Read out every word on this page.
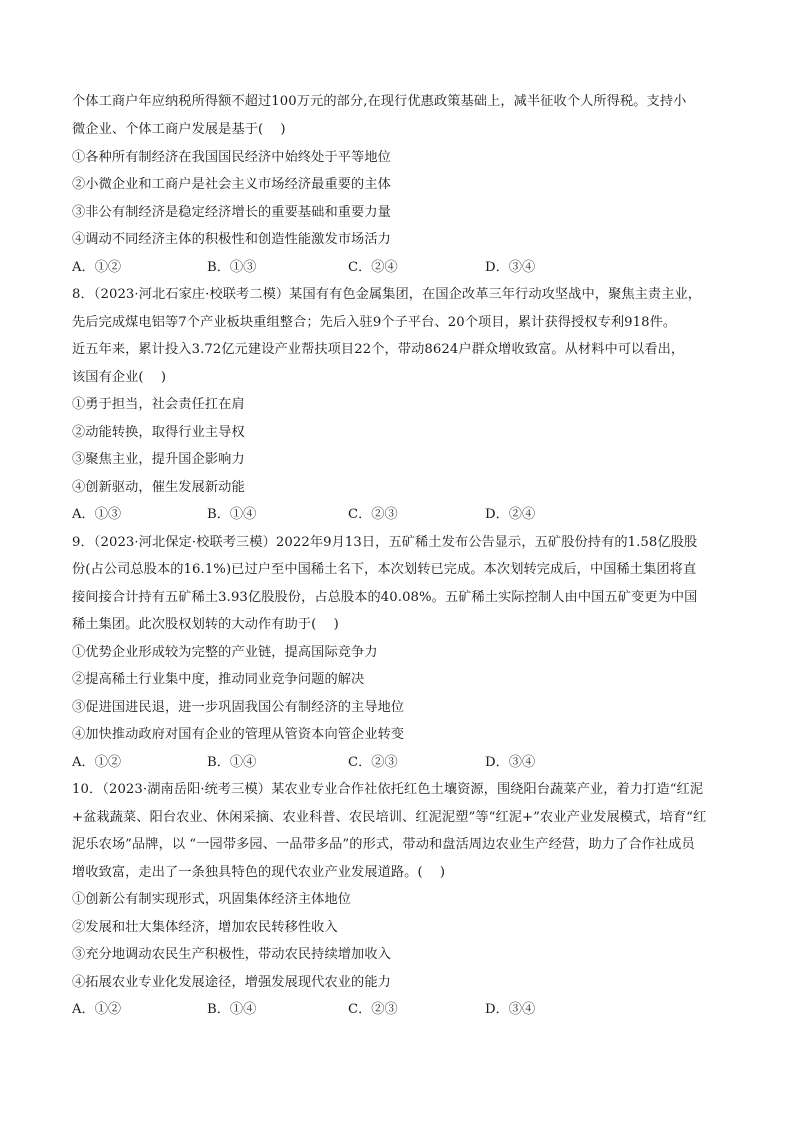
个体工商户年应纳税所得额不超过100万元的部分,在现行优惠政策基础上，减半征收个人所得税。支持小
微企业、个体工商户发展是基于(    )
①各种所有制经济在我国国民经济中始终处于平等地位
②小微企业和工商户是社会主义市场经济最重要的主体
③非公有制经济是稳定经济增长的重要基础和重要力量
④调动不同经济主体的积极性和创造性能激发市场活力
A．①②	B．①③	C．②④	D．③④
8．（2023·河北石家庄·校联考二模）某国有有色金属集团，在国企改革三年行动攻坚战中，聚焦主责主业，
先后完成煤电铝等7个产业板块重组整合；先后入驻9个子平台、20个项目，累计获得授权专利918件。
近五年来，累计投入3.72亿元建设产业帮扶项目22个，带动8624户群众增收致富。从材料中可以看出，
该国有企业(    )
①勇于担当，社会责任扛在肩
②动能转换，取得行业主导权
③聚焦主业，提升国企影响力
④创新驱动，催生发展新动能
A．①③	B．①④	C．②③	D．②④
9．（2023·河北保定·校联考三模）2022年9月13日，五矿稀土发布公告显示，五矿股份持有的1.58亿股股
份(占公司总股本的16.1%)已过户至中国稀土名下，本次划转已完成。本次划转完成后，中国稀土集团将直
接间接合计持有五矿稀土3.93亿股股份，占总股本的40.08%。五矿稀土实际控制人由中国五矿变更为中国
稀土集团。此次股权划转的大动作有助于(    )
①优势企业形成较为完整的产业链，提高国际竞争力
②提高稀土行业集中度，推动同业竞争问题的解决
③促进国进民退，进一步巩固我国公有制经济的主导地位
④加快推动政府对国有企业的管理从管资本向管企业转变
A．①②	B．①④	C．②③	D．③④
10．（2023·湖南岳阳·统考三模）某农业专业合作社依托红色土壤资源，围绕阳台蔬菜产业，着力打造“红泥
+盆栽蔬菜、阳台农业、休闲采摘、农业科普、农民培训、红泥泥塑”等“红泥+”农业产业发展模式，培育“红
泥乐农场”品牌，以 “一园带多园、一品带多品”的形式，带动和盘活周边农业生产经营，助力了合作社成员
增收致富，走出了一条独具特色的现代农业产业发展道路。(    )
①创新公有制实现形式，巩固集体经济主体地位
②发展和壮大集体经济，增加农民转移性收入
③充分地调动农民生产积极性，带动农民持续增加收入
④拓展农业专业化发展途径，增强发展现代农业的能力
A．①②	B．①④	C．②③	D．③④
